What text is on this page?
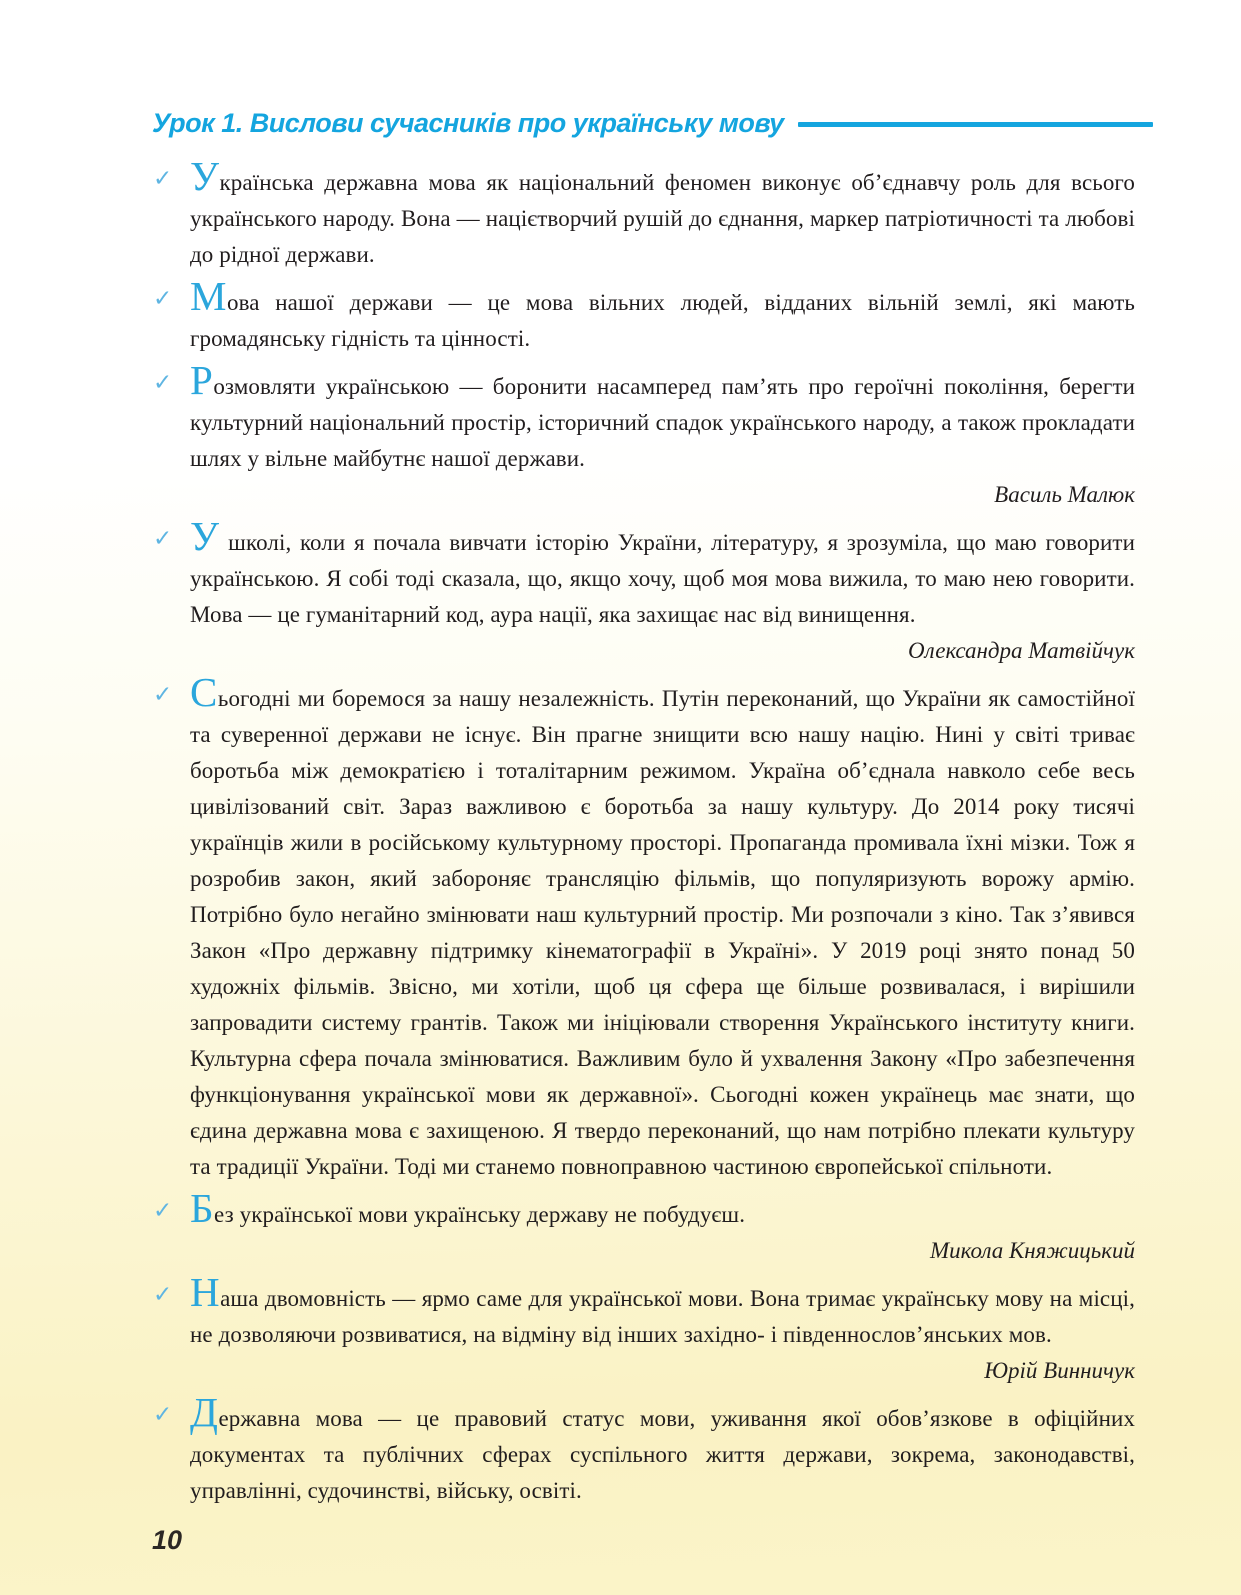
Урок 1. Вислови сучасників про українську мову
✓ Українська державна мова як національний феномен виконує об’єднавчу роль для всього українського народу. Вона — націєтворчий рушій до єднання, маркер патріотичності та любові до рідної держави.

✓ Мова нашої держави — це мова вільних людей, відданих вільній землі, які мають громадянську гідність та цінності.

✓ Розмовляти українською — боронити насамперед пам’ять про героїчні покоління, берегти культурний національний простір, історичний спадок українського народу, а також прокладати шлях у вільне майбутнє нашої держави.

Василь Малюк

✓ У школі, коли я почала вивчати історію України, літературу, я зрозуміла, що маю говорити українською. Я собі тоді сказала, що, якщо хочу, щоб моя мова вижила, то маю нею говорити. Мова — це гуманітарний код, аура нації, яка захищає нас від винищення.

Олександра Матвійчук

✓ Сьогодні ми боремося за нашу незалежність. Путін переконаний, що України як самостійної та суверенної держави не існує. Він прагне знищити всю нашу націю. Нині у світі триває боротьба між демократією і тоталітарним режимом. Україна об’єднала навколо себе весь цивілізований світ. Зараз важливою є боротьба за нашу культуру. До 2014 року тисячі українців жили в російському культурному просторі. Пропаганда промивала їхні мізки. Тож я розробив закон, який забороняє трансляцію фільмів, що популяризують ворожу армію. Потрібно було негайно змінювати наш культурний простір. Ми розпочали з кіно. Так з’явився Закон «Про державну підтримку кінематографії в Україні». У 2019 році знято понад 50 художніх фільмів. Звісно, ми хотіли, щоб ця сфера ще більше розвивалася, і вирішили запровадити систему грантів. Також ми ініціювали створення Українського інституту книги. Культурна сфера почала змінюватися. Важливим було й ухвалення Закону «Про забезпечення функціонування української мови як державної». Сьогодні кожен українець має знати, що єдина державна мова є захищеною. Я твердо переконаний, що нам потрібно плекати культуру та традиції України. Тоді ми станемо повноправною частиною європейської спільноти.

✓ Без української мови українську державу не побудуєш.

Микола Княжицький

✓ Наша двомовність — ярмо саме для української мови. Вона тримає українську мову на місці, не дозволяючи розвиватися, на відміну від інших західно- і південнослов’янських мов.

Юрій Винничук

✓ Державна мова — це правовий статус мови, уживання якої обов’язкове в офіційних документах та публічних сферах суспільного життя держави, зокрема, законодавстві, управлінні, судочинстві, війську, освіті.

10
